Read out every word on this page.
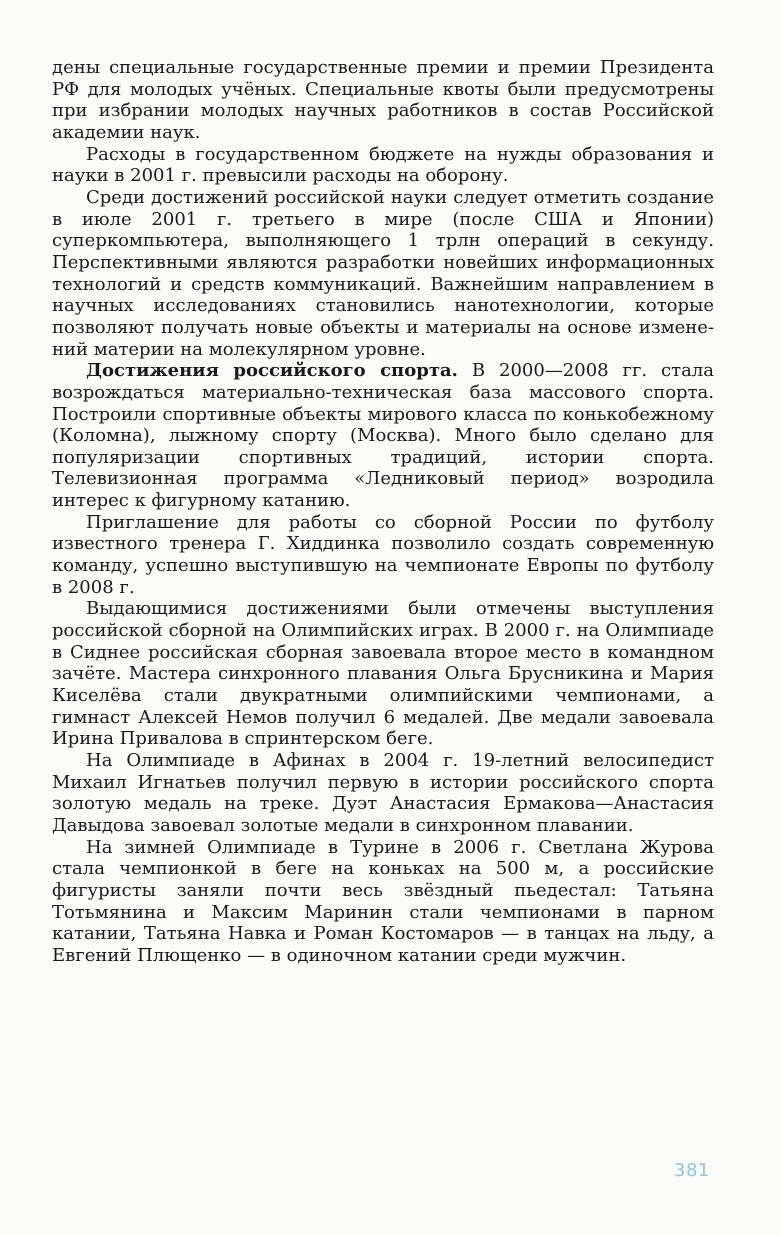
дены специальные государственные премии и премии Президента РФ для молодых учёных. Специальные квоты были предусмотрены при избрании молодых научных работников в состав Российской академии наук.

Расходы в государственном бюджете на нужды образования и науки в 2001 г. превысили расходы на оборону.

Среди достижений российской науки следует отметить создание в июле 2001 г. третьего в мире (после США и Японии) суперкомпьютера, выполняющего 1 трлн операций в секунду. Перспективными являются разработки новейших информационных технологий и средств коммуникаций. Важнейшим направлением в научных исследованиях становились нанотехнологии, которые позволяют получать новые объекты и материалы на основе изменений материи на молекулярном уровне.

Достижения российского спорта. В 2000—2008 гг. стала возрождаться материально-техническая база массового спорта. Построили спортивные объекты мирового класса по конькобежному (Коломна), лыжному спорту (Москва). Много было сделано для популяризации спортивных традиций, истории спорта. Телевизионная программа «Ледниковый период» возродила интерес к фигурному катанию.

Приглашение для работы со сборной России по футболу известного тренера Г. Хиддинка позволило создать современную команду, успешно выступившую на чемпионате Европы по футболу в 2008 г.

Выдающимися достижениями были отмечены выступления российской сборной на Олимпийских играх. В 2000 г. на Олимпиаде в Сиднее российская сборная завоевала второе место в командном зачёте. Мастера синхронного плавания Ольга Брусникина и Мария Киселёва стали двукратными олимпийскими чемпионами, а гимнаст Алексей Немов получил 6 медалей. Две медали завоевала Ирина Привалова в спринтерском беге.

На Олимпиаде в Афинах в 2004 г. 19-летний велосипедист Михаил Игнатьев получил первую в истории российского спорта золотую медаль на треке. Дуэт Анастасия Ермакова—Анастасия Давыдова завоевал золотые медали в синхронном плавании.

На зимней Олимпиаде в Турине в 2006 г. Светлана Журова стала чемпионкой в беге на коньках на 500 м, а российские фигуристы заняли почти весь звёздный пьедестал: Татьяна Тотьмянина и Максим Маринин стали чемпионами в парном катании, Татьяна Навка и Роман Костомаров — в танцах на льду, а Евгений Плющенко — в одиночном катании среди мужчин.

381
